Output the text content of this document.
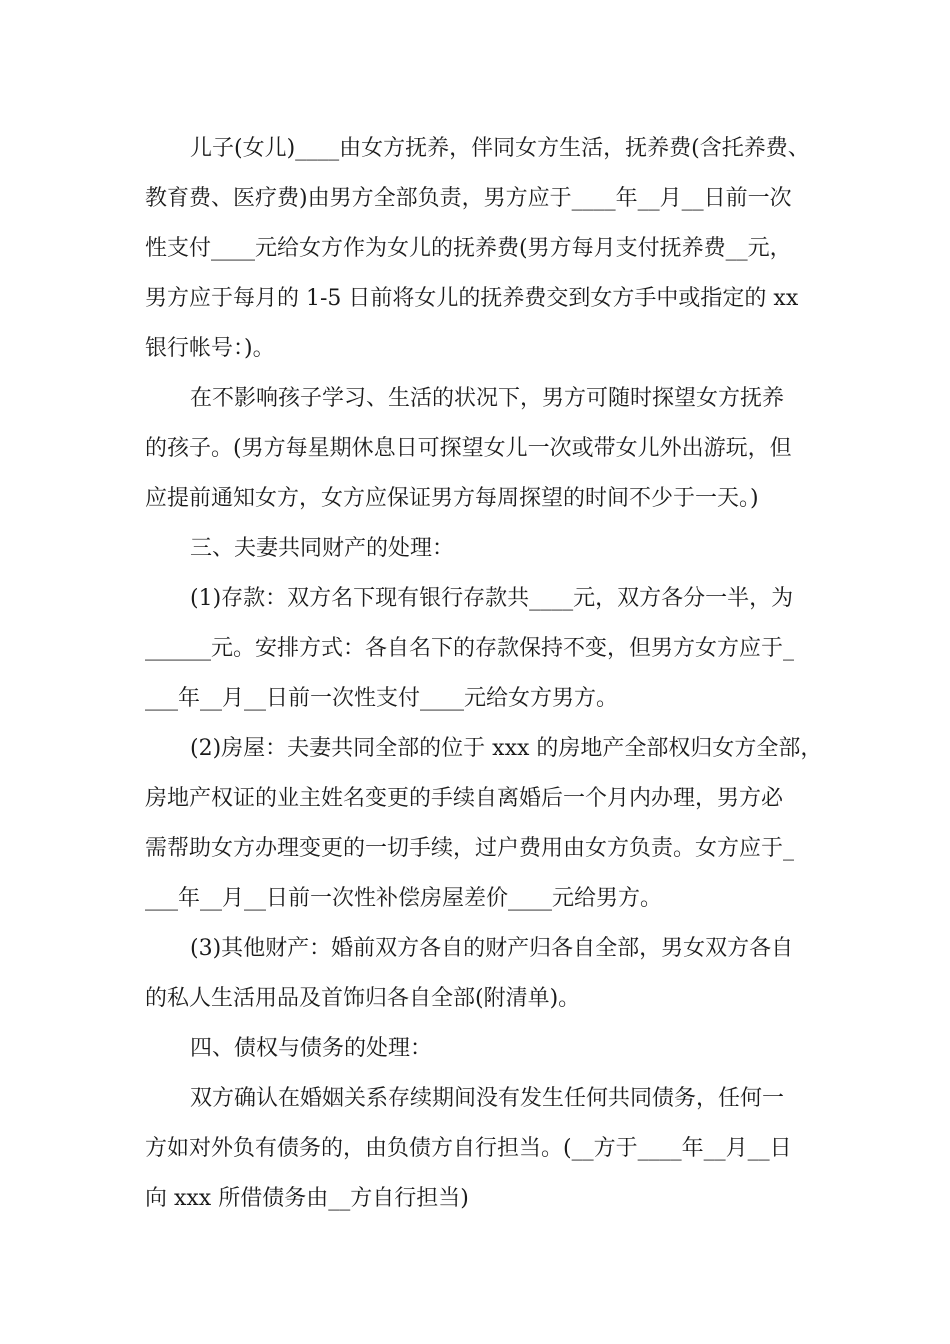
儿子(女儿)____由女方抚养，伴同女方生活，抚养费(含托养费、
教育费、医疗费)由男方全部负责，男方应于____年__月__日前一次
性支付____元给女方作为女儿的抚养费(男方每月支付抚养费__元，
男方应于每月的 1-5 日前将女儿的抚养费交到女方手中或指定的 xx
银行帐号：)。
在不影响孩子学习、生活的状况下，男方可随时探望女方抚养
的孩子。(男方每星期休息日可探望女儿一次或带女儿外出游玩，但
应提前通知女方，女方应保证男方每周探望的时间不少于一天。)
三、夫妻共同财产的处理：
(1)存款：双方名下现有银行存款共____元，双方各分一半，为
______元。安排方式：各自名下的存款保持不变，但男方女方应于_
___年__月__日前一次性支付____元给女方男方。
(2)房屋：夫妻共同全部的位于 xxx 的房地产全部权归女方全部，
房地产权证的业主姓名变更的手续自离婚后一个月内办理，男方必
需帮助女方办理变更的一切手续，过户费用由女方负责。女方应于_
___年__月__日前一次性补偿房屋差价____元给男方。
(3)其他财产：婚前双方各自的财产归各自全部，男女双方各自
的私人生活用品及首饰归各自全部(附清单)。
四、债权与债务的处理：
双方确认在婚姻关系存续期间没有发生任何共同债务，任何一
方如对外负有债务的，由负债方自行担当。(__方于____年__月__日
向 xxx 所借债务由__方自行担当)
